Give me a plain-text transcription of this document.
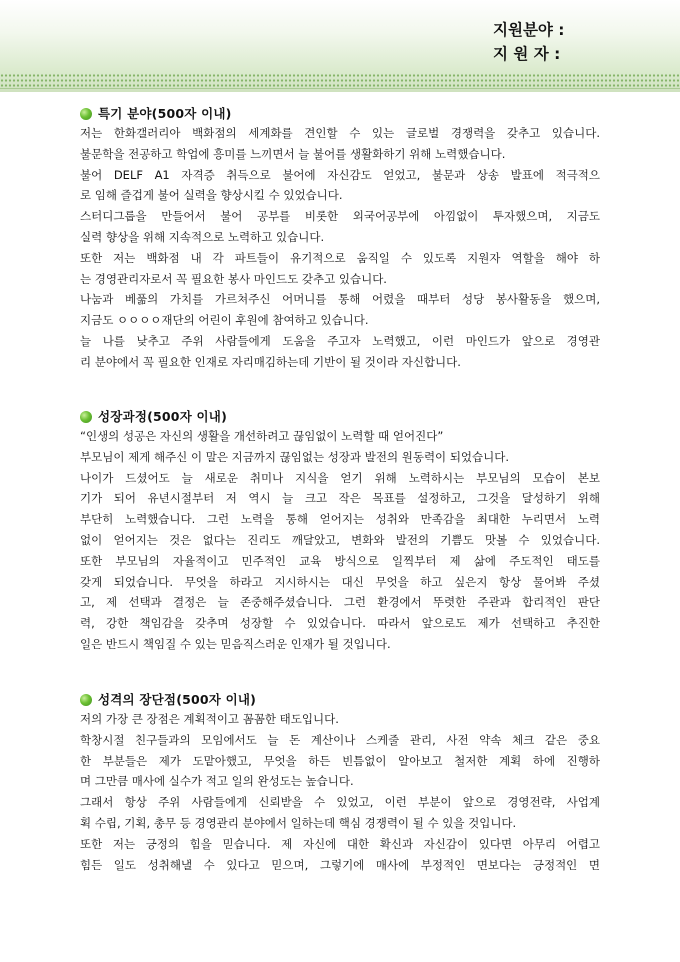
지원분야 :
지 원 자 :
특기 분야(500자 이내)
저는 한화갤러리아 백화점의 세계화를 견인할 수 있는 글로벌 경쟁력을 갖추고 있습니다.
불문학을 전공하고 학업에 흥미를 느끼면서 늘 불어를 생활화하기 위해 노력했습니다.
불어 DELF A1 자격증 취득으로 불어에 자신감도 얻었고, 불문과 상송 발표에 적극적으
로 임해 즐겁게 불어 실력을 향상시킬 수 있었습니다.
스터디그룹을 만들어서 불어 공부를 비롯한 외국어공부에 아낌없이 투자했으며, 지금도
실력 향상을 위해 지속적으로 노력하고 있습니다.
또한 저는 백화점 내 각 파트들이 유기적으로 움직일 수 있도록 지원자 역할을 해야 하
는 경영관리자로서 꼭 필요한 봉사 마인드도 갖추고 있습니다.
나눔과 베풂의 가치를 가르쳐주신 어머니를 통해 어렸을 때부터 성당 봉사활동을 했으며,
지금도 ㅇㅇㅇㅇ재단의 어린이 후원에 참여하고 있습니다.
늘 나를 낮추고 주위 사람들에게 도움을 주고자 노력했고, 이런 마인드가 앞으로 경영관
리 분야에서 꼭 필요한 인재로 자리매김하는데 기반이 될 것이라 자신합니다.
성장과정(500자 이내)
“인생의 성공은 자신의 생활을 개선하려고 끊임없이 노력할 때 얻어진다”
부모님이 제게 해주신 이 말은 지금까지 끊임없는 성장과 발전의 원동력이 되었습니다.
나이가 드셨어도 늘 새로운 취미나 지식을 얻기 위해 노력하시는 부모님의 모습이 본보
기가 되어 유년시절부터 저 역시 늘 크고 작은 목표를 설정하고, 그것을 달성하기 위해
부단히 노력했습니다. 그런 노력을 통해 얻어지는 성취와 만족감을 최대한 누리면서 노력
없이 얻어지는 것은 없다는 진리도 깨달았고, 변화와 발전의 기쁨도 맛볼 수 있었습니다.
또한 부모님의 자율적이고 민주적인 교육 방식으로 일찍부터 제 삶에 주도적인 태도를
갖게 되었습니다. 무엇을 하라고 지시하시는 대신 무엇을 하고 싶은지 항상 물어봐 주셨
고, 제 선택과 결정은 늘 존중해주셨습니다. 그런 환경에서 뚜렷한 주관과 합리적인 판단
력, 강한 책임감을 갖추며 성장할 수 있었습니다. 따라서 앞으로도 제가 선택하고 추진한
일은 반드시 책임질 수 있는 믿음직스러운 인재가 될 것입니다.
성격의 장단점(500자 이내)
저의 가장 큰 장점은 계획적이고 꼼꼼한 태도입니다.
학창시절 친구들과의 모임에서도 늘 돈 계산이나 스케줄 관리, 사전 약속 체크 같은 중요
한 부분들은 제가 도맡아했고, 무엇을 하든 빈틈없이 알아보고 철저한 계획 하에 진행하
며 그만큼 매사에 실수가 적고 일의 완성도는 높습니다.
그래서 항상 주위 사람들에게 신뢰받을 수 있었고, 이런 부분이 앞으로 경영전략, 사업계
획 수립, 기획, 총무 등 경영관리 분야에서 일하는데 핵심 경쟁력이 될 수 있을 것입니다.
또한 저는 긍정의 힘을 믿습니다. 제 자신에 대한 확신과 자신감이 있다면 아무리 어렵고
힘든 일도 성취해낼 수 있다고 믿으며, 그렇기에 매사에 부정적인 면보다는 긍정적인 면
